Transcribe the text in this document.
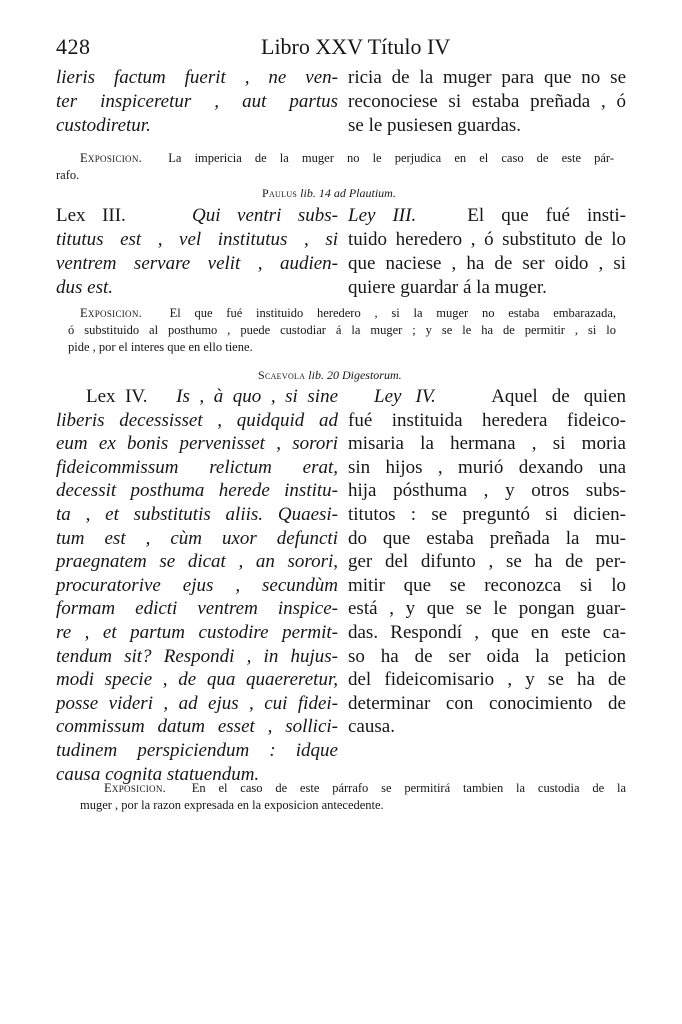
428	Libro XXV Título IV
lieris factum fuerit , ne ven-
ter inspiceretur , aut partus
custodiretur.
ricia de la muger para que no se
reconociese si estaba preñada , ó
se le pusiesen guardas.
Exposicion. La impericia de la muger no le perjudica en el caso de este pár-
rafo.
Paulus lib. 14 ad Plautium.
Lex III.	Qui ventri subs-
titutus est , vel institutus , si
ventrem servare velit , audien-
dus est.
Ley III.	El que fué insti-
tuido heredero , ó substituto de lo
que naciese , ha de ser oido , si
quiere guardar á la muger.
Exposicion. El que fué instituido heredero , si la muger no estaba embarazada,
ó substituido al posthumo , puede custodiar á la muger ; y se le ha de permitir , si lo
pide , por el interes que en ello tiene.
Scaevola lib. 20 Digestorum.
Lex IV. Is , à quo , si sine
liberis decessisset , quidquid ad
eum ex bonis pervenisset , sorori
fideicommissum relictum erat,
decessit posthuma herede institu-
ta , et substitutis aliis. Quaesi-
tum est , cùm uxor defuncti
praegnatem se dicat , an sorori,
procuratorive ejus , secundùm
formam edicti ventrem inspice-
re , et partum custodire permit-
tendum sit? Respondi , in hujus-
modi specie , de qua quaereretur,
posse videri , ad ejus , cui fidei-
commissum datum esset , sollici-
tudinem perspiciendum : idque
causa cognita statuendum.
Ley IV.	Aquel de quien
fué instituida heredera fideico-
misaria la hermana , si moria
sin hijos , murió dexando una
hija pósthuma , y otros subs-
titutos : se preguntó si dicien-
do que estaba preñada la mu-
ger del difunto , se ha de per-
mitir que se reconozca si lo
está , y que se le pongan guar-
das. Respondí , que en este ca-
so ha de ser oida la peticion
del fideicomisario , y se ha de
determinar con conocimiento de
causa.
Exposicion. En el caso de este párrafo se permitirá tambien la custodia de la
muger , por la razon expresada en la exposicion antecedente.
